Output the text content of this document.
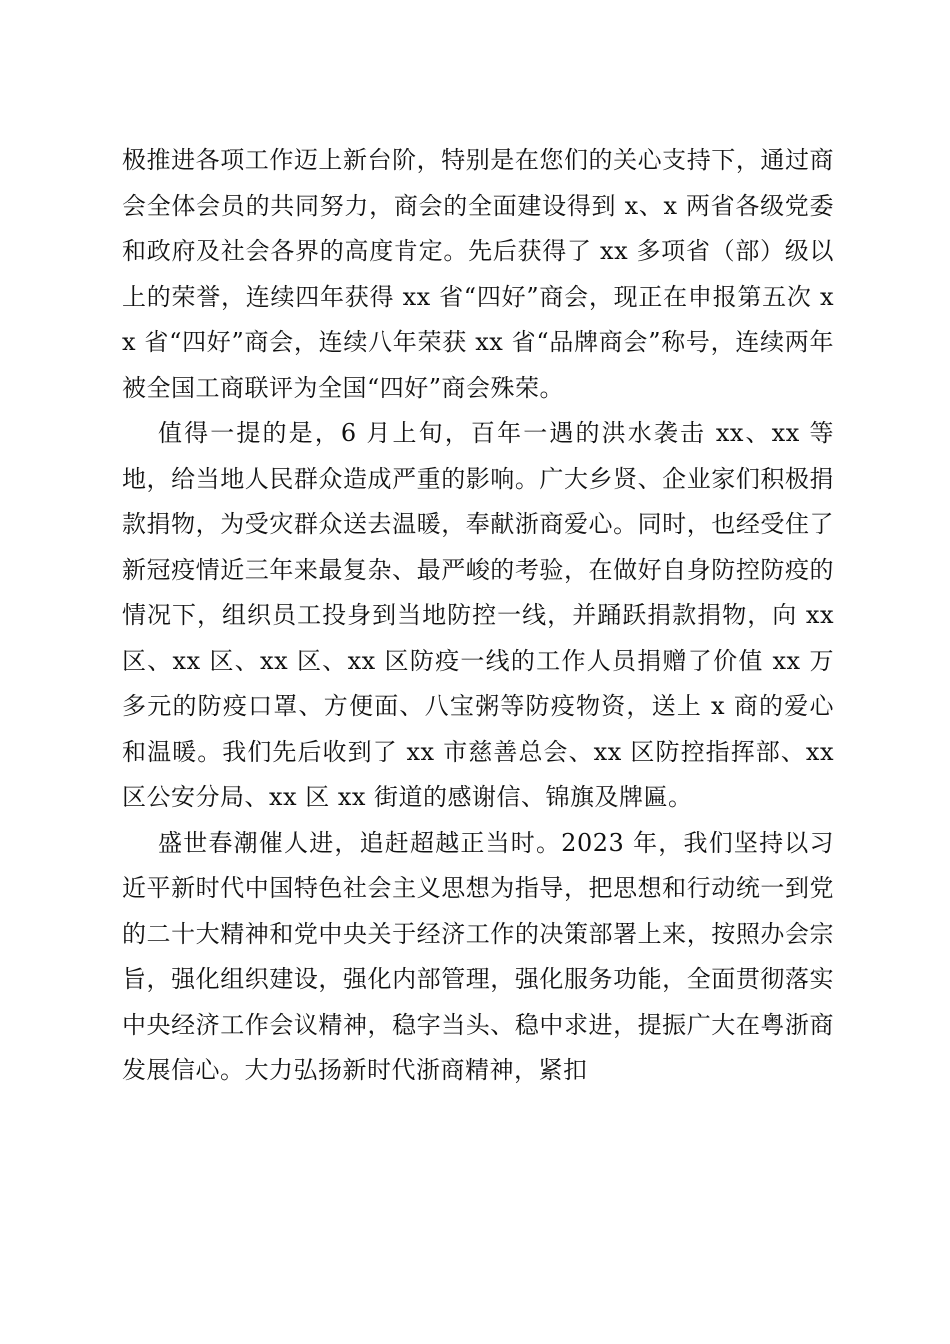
极推进各项工作迈上新台阶，特别是在您们的关心支持下，通过商会全体会员的共同努力，商会的全面建设得到 x、x 两省各级党委和政府及社会各界的高度肯定。先后获得了 xx 多项省（部）级以上的荣誉，连续四年获得 xx 省“四好”商会，现正在申报第五次 xx 省“四好”商会，连续八年荣获 xx 省“品牌商会”称号，连续两年被全国工商联评为全国“四好”商会殊荣。

值得一提的是，6 月上旬，百年一遇的洪水袭击 xx、xx 等地，给当地人民群众造成严重的影响。广大乡贤、企业家们积极捐款捐物，为受灾群众送去温暖，奉献浙商爱心。同时，也经受住了新冠疫情近三年来最复杂、最严峻的考验，在做好自身防控防疫的情况下，组织员工投身到当地防控一线，并踊跃捐款捐物，向 xx 区、xx 区、xx 区、xx 区防疫一线的工作人员捐赠了价值 xx 万多元的防疫口罩、方便面、八宝粥等防疫物资，送上 x 商的爱心和温暖。我们先后收到了 xx 市慈善总会、xx 区防控指挥部、xx 区公安分局、xx 区 xx 街道的感谢信、锦旗及牌匾。

盛世春潮催人进，追赶超越正当时。2023 年，我们坚持以习近平新时代中国特色社会主义思想为指导，把思想和行动统一到党的二十大精神和党中央关于经济工作的决策部署上来，按照办会宗旨，强化组织建设，强化内部管理，强化服务功能，全面贯彻落实中央经济工作会议精神，稳字当头、稳中求进，提振广大在粤浙商发展信心。大力弘扬新时代浙商精神，紧扣
